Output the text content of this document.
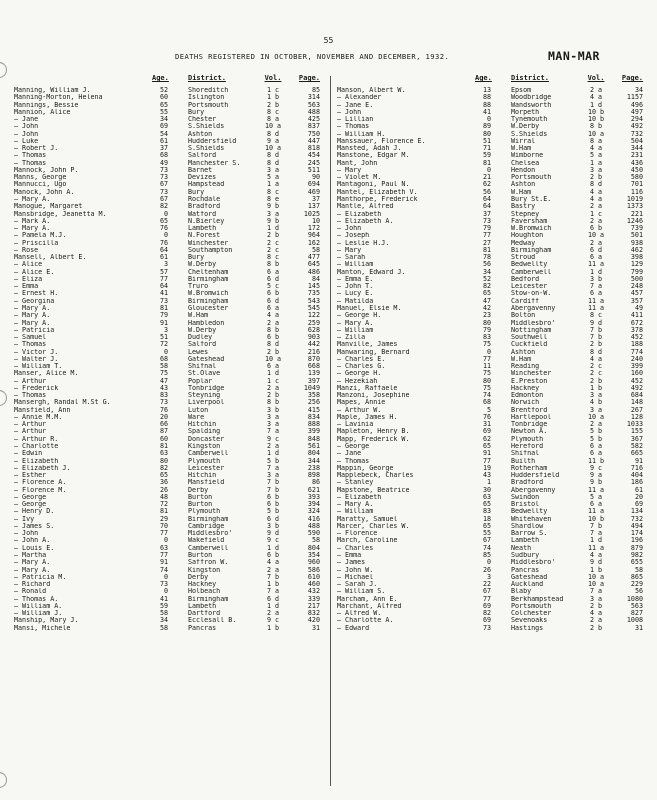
55
DEATHS REGISTERED IN OCTOBER, NOVEMBER AND DECEMBER, 1932.	MAN-MAR
Age.	District.	Vol.	Page.
Manning, William J.	52	Shoreditch	1 c	85
Manning-Morton, Helena	60	Islington	1 b	314
Mannings, Bessie	65	Portsmouth	2 b	563
Mannion, Alice	55	Bury	8 c	488
— Jane	34	Chester	8 a	425
— John	69	S.Shields	10 a	837
— John	54	Ashton	8 d	750
— Luke	61	Huddersfield	9 a	447
— Robert J.	37	S.Shields	10 a	818
— Thomas	68	Salford	8 d	454
— Thomas	49	Manchester S.	8 d	245
Mannock, John P.	73	Barnet	3 a	511
Manns, George	73	Devizes	5 a	90
Mannucci, Ugo	67	Hampstead	1 a	694
Manock, John A.	73	Bury	8 c	469
— Mary A.	67	Rochdale	8 e	37
Manogue, Margaret	82	Bradford	9 b	137
Mansbridge, Jeanetta M.	0	Watford	3 a	1025
— Mark A.	65	N.Bierley	9 b	10
— Mary A.	76	Lambeth	1 d	172
— Pamela M.J.	0	N.Forest	2 b	964
— Priscilla	76	Winchester	2 c	162
— Rose	64	Southampton	2 c	58
Mansell, Albert E.	61	Bury	8 c	477
— Alice	3	W.Derby	8 b	645
— Alice E.	57	Cheltenham	6 a	486
— Eliza	77	Birmingham	6 d	84
— Emma	64	Truro	5 c	145
— Ernest H.	41	W.Bromwich	6 b	735
— Georgina	73	Birmingham	6 d	543
— Mary A.	81	Gloucester	6 a	545
— Mary A.	79	W.Ham	4 a	122
— Mary A.	91	Hambledon	2 a	259
— Patricia	3	W.Derby	8 b	628
— Samuel	51	Dudley	6 b	903
— Thomas	72	Salford	8 d	442
— Victor J.	0	Lewes	2 b	216
— Walter J.	68	Gateshead	10 a	870
— William T.	58	Shifnal	6 a	668
Manser, Alice M.	75	St.Olave	1 d	139
— Arthur	47	Poplar	1 c	397
— Frederick	43	Tonbridge	2 a	1049
— Thomas	83	Steyning	2 b	358
Mansergh, Randal M.St G.	73	Liverpool	8 b	256
Mansfield, Ann	76	Luton	3 b	415
— Annie M.M.	20	Ware	3 a	834
— Arthur	66	Hitchin	3 a	888
— Arthur	87	Spalding	7 a	399
— Arthur R.	60	Doncaster	9 c	848
— Charlotte	81	Kingston	2 a	561
— Edwin	63	Camberwell	1 d	804
— Elizabeth	80	Plymouth	5 b	344
— Elizabeth J.	82	Leicester	7 a	238
— Esther	65	Hitchin	3 a	898
— Florence A.	36	Mansfield	7 b	86
— Florence M.	26	Derby	7 b	621
— George	48	Burton	6 b	393
— George	72	Burton	6 b	394
— Henry D.	81	Plymouth	5 b	324
— Ivy	29	Birmingham	6 d	416
— James S.	70	Cambridge	3 b	488
— John	77	Middlesbro'	9 d	590
— John A.	0	Wakefield	9 c	58
— Louis E.	63	Camberwell	1 d	804
— Martha	77	Burton	6 b	354
— Mary A.	91	Saffron W.	4 a	960
— Mary A.	74	Kingston	2 a	586
— Patricia M.	0	Derby	7 b	610
— Richard	73	Hackney	1 b	460
— Ronald	0	Holbeach	7 a	432
— Thomas A.	41	Birmingham	6 d	339
— William A.	59	Lambeth	1 d	217
— William J.	58	Dartford	2 a	832
Manship, Mary J.	34	Ecclesall B.	9 c	420
Mansi, Michele	58	Pancras	1 b	31
Age.	District.	Vol.	Page.
Manson, Albert W.	13	Epsom	2 a	34
— Alexander	88	Woodbridge	4 a	1157
— Jane E.	88	Wandsworth	1 d	496
— John	41	Morpeth	10 b	497
— Lillian	0	Tynemouth	10 b	294
— Thomas	89	W.Derby	8 b	492
— William H.	80	S.Shields	10 a	732
Manssauer, Florence E.	51	Wirral	8 a	504
Mansted, Adah J.	71	W.Ham	4 a	344
Manstone, Edgar M.	59	Wimborne	5 a	231
Mant, John	81	Chelsea	1 a	436
— Mary	0	Hendon	3 a	450
— Violet M.	21	Portsmouth	2 b	580
Mantagoni, Paul N.	62	Ashton	8 d	701
Mantel, Elizabeth V.	56	W.Ham	4 a	116
Manthorpe, Frederick	64	Bury St.E.	4 a	1019
Mantle, Alfred	64	Bastry	2 a	1373
— Elizabeth	37	Stepney	1 c	221
— Elizabeth A.	73	Faversham	2 a	1246
— John	79	W.Bromwich	6 b	739
— Joseph	77	Houghton	10 a	501
— Leslie H.J.	27	Medway	2 a	938
— Mary	81	Birmingham	6 d	462
— Sarah	78	Stroud	6 a	398
— William	56	Bedwellty	11 a	129
Manton, Edward J.	34	Camberwell	1 d	799
— Emma E.	52	Bedford	3 b	500
— John T.	82	Leicester	7 a	248
— Lucy E.	65	Stow-on-W.	6 a	457
— Matilda	47	Cardiff	11 a	357
Manuel, Elsie M.	42	Abergavenny	11 a	49
— George H.	23	Bolton	8 c	411
— Mary A.	80	Middlesbro'	9 d	672
— William	79	Nottingham	7 b	378
— Zilla	83	Southwell	7 b	452
Manville, James	75	Cuckfield	2 b	188
Manwaring, Bernard	0	Ashton	8 d	774
— Charles E.	77	W.Ham	4 a	240
— Charles G.	11	Reading	2 c	399
— George H.	75	Winchester	2 c	160
— Hezekiah	80	E.Preston	2 b	452
Manzi, Raffaele	75	Hackney	1 b	492
Manzoni, Josephine	74	Edmonton	3 a	684
Mapes, Annie	68	Norwich	4 b	148
— Arthur W.	5	Brentford	3 a	267
Maple, James H.	76	Hartlepool	10 a	128
— Lavinia	31	Tonbridge	2 a	1033
Mapleton, Henry B.	69	Newton A.	5 b	155
Mapp, Frederick W.	62	Plymouth	5 b	367
— George	65	Hereford	6 a	582
— Jane	91	Shifnal	6 a	665
— Thomas	77	Builth	11 b	91
Mappin, George	19	Rotherham	9 c	716
Mapplebeck, Charles	43	Huddersfield	9 a	404
— Stanley	1	Bradford	9 b	186
Mapstone, Beatrice	30	Abergavenny	11 a	61
— Elizabeth	63	Swindon	5 a	20
— Mary A.	65	Bristol	6 a	69
— William	83	Bedwellty	11 a	134
Maratty, Samuel	18	Whitehaven	10 b	732
Marcer, Charles W.	65	Shardlow	7 b	494
— Florence	55	Barrow S.	7 a	174
March, Caroline	67	Lambeth	1 d	196
— Charles	74	Neath	11 a	879
— Emma	85	Sudbury	4 a	982
— James	0	Middlesbro'	9 d	655
— John W.	26	Pancras	1 b	58
— Michael	3	Gateshead	10 a	865
— Sarah J.	22	Auckland	10 a	229
— William S.	67	Blaby	7 a	56
Marcham, Ann E.	77	Berkhampstead	3 a	1080
Marchant, Alfred	69	Portsmouth	2 b	563
— Alfred W.	82	Colchester	4 a	827
— Charlotte A.	69	Sevenoaks	2 a	1008
— Edward	73	Hastings	2 b	31
